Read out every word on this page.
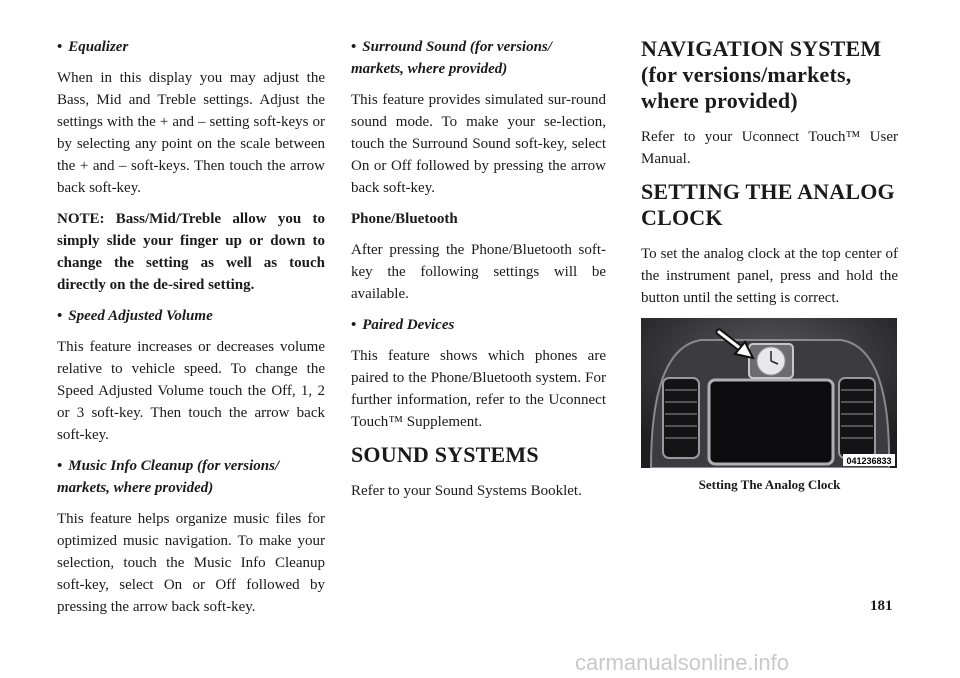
• Equalizer

When in this display you may adjust the Bass, Mid and Treble settings. Adjust the settings with the + and – setting soft-keys or by selecting any point on the scale between the + and – soft-keys. Then touch the arrow back soft-key.

NOTE: Bass/Mid/Treble allow you to simply slide your finger up or down to change the setting as well as touch directly on the de-sired setting.

• Speed Adjusted Volume

This feature increases or decreases volume relative to vehicle speed. To change the Speed Adjusted Volume touch the Off, 1, 2 or 3 soft-key. Then touch the arrow back soft-key.

• Music Info Cleanup (for versions/ markets, where provided)

This feature helps organize music files for optimized music navigation. To make your selection, touch the Music Info Cleanup soft-key, select On or Off followed by pressing the arrow back soft-key.

• Surround Sound (for versions/ markets, where provided)

This feature provides simulated sur-round sound mode. To make your se-lection, touch the Surround Sound soft-key, select On or Off followed by pressing the arrow back soft-key.

Phone/Bluetooth

After pressing the Phone/Bluetooth soft-key the following settings will be available.

• Paired Devices

This feature shows which phones are paired to the Phone/Bluetooth system. For further information, refer to the Uconnect Touch™ Supplement.

SOUND SYSTEMS

Refer to your Sound Systems Booklet.

NAVIGATION SYSTEM (for versions/markets, where provided)

Refer to your Uconnect Touch™ User Manual.

SETTING THE ANALOG CLOCK

To set the analog clock at the top center of the instrument panel, press and hold the button until the setting is correct.

041236833
Setting The Analog Clock
181
carmanualsonline.info
